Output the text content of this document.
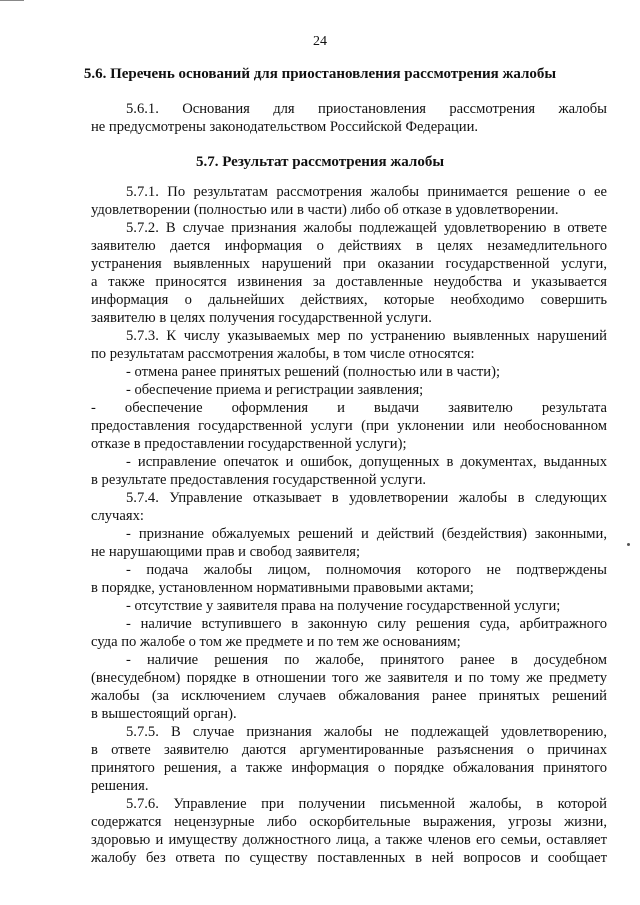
24
5.6. Перечень оснований для приостановления рассмотрения жалобы
5.6.1. Основания для приостановления рассмотрения жалобы
не предусмотрены законодательством Российской Федерации.
5.7. Результат рассмотрения жалобы
5.7.1. По результатам рассмотрения жалобы принимается решение о ее
удовлетворении (полностью или в части) либо об отказе в удовлетворении.
5.7.2. В случае признания жалобы подлежащей удовлетворению в ответе
заявителю дается информация о действиях в целях незамедлительного
устранения выявленных нарушений при оказании государственной услуги,
а также приносятся извинения за доставленные неудобства и указывается
информация о дальнейших действиях, которые необходимо совершить
заявителю в целях получения государственной услуги.
5.7.3. К числу указываемых мер по устранению выявленных нарушений
по результатам рассмотрения жалобы, в том числе относятся:
- отмена ранее принятых решений (полностью или в части);
- обеспечение приема и регистрации заявления;
- обеспечение оформления и выдачи заявителю результата
предоставления государственной услуги (при уклонении или необоснованном
отказе в предоставлении государственной услуги);
- исправление опечаток и ошибок, допущенных в документах, выданных
в результате предоставления государственной услуги.
5.7.4. Управление отказывает в удовлетворении жалобы в следующих
случаях:
- признание обжалуемых решений и действий (бездействия) законными,
не нарушающими прав и свобод заявителя;
- подача жалобы лицом, полномочия которого не подтверждены
в порядке, установленном нормативными правовыми актами;
- отсутствие у заявителя права на получение государственной услуги;
- наличие вступившего в законную силу решения суда, арбитражного
суда по жалобе о том же предмете и по тем же основаниям;
- наличие решения по жалобе, принятого ранее в досудебном
(внесудебном) порядке в отношении того же заявителя и по тому же предмету
жалобы (за исключением случаев обжалования ранее принятых решений
в вышестоящий орган).
5.7.5. В случае признания жалобы не подлежащей удовлетворению,
в ответе заявителю даются аргументированные разъяснения о причинах
принятого решения, а также информация о порядке обжалования принятого
решения.
5.7.6. Управление при получении письменной жалобы, в которой
содержатся нецензурные либо оскорбительные выражения, угрозы жизни,
здоровью и имуществу должностного лица, а также членов его семьи, оставляет
жалобу без ответа по существу поставленных в ней вопросов и сообщает
